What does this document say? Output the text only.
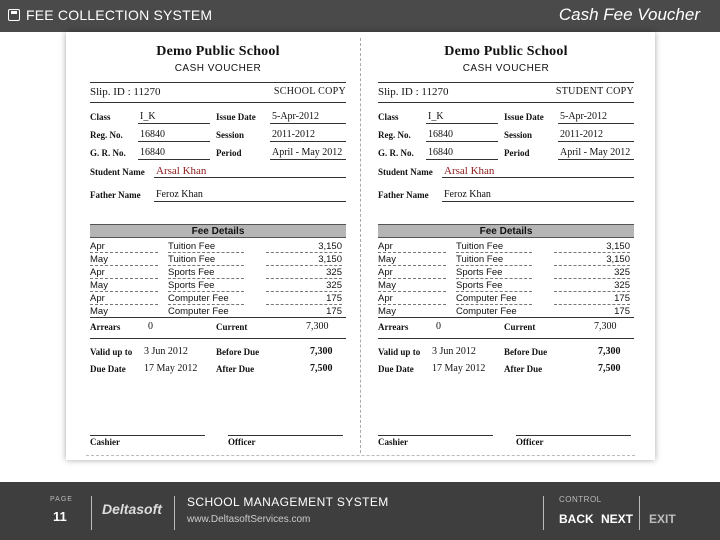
FEE COLLECTION SYSTEM	Cash Fee Voucher
Demo Public School
CASH VOUCHER
Slip. ID : 11270	SCHOOL COPY
Class	I_K	Issue Date 5-Apr-2012
Reg. No. 16840	Session	2011-2012
G. R. No. 16840	Period	April - May 2012
Student Name Arsal Khan
Father Name Feroz Khan
Fee Details
Apr	Tuition Fee	3,150
May	Tuition Fee	3,150
Apr	Sports Fee	325
May	Sports Fee	325
Apr	Computer Fee	175
May	Computer Fee	175
Arrears	0	Current	7,300
Valid up to 3 Jun 2012	Before Due	7,300
Due Date 17 May 2012 After Due	7,500
Cashier	Officer
Demo Public School
CASH VOUCHER
Slip. ID : 11270	STUDENT COPY
Class	I_K	Issue Date 5-Apr-2012
Reg. No. 16840	Session	2011-2012
G. R. No. 16840	Period	April - May 2012
Student Name Arsal Khan
Father Name Feroz Khan
Fee Details
Apr	Tuition Fee	3,150
May	Tuition Fee	3,150
Apr	Sports Fee	325
May	Sports Fee	325
Apr	Computer Fee	175
May	Computer Fee	175
Arrears	0	Current	7,300
Valid up to 3 Jun 2012	Before Due	7,300
Due Date 17 May 2012 After Due	7,500
Cashier	Officer
PAGE
11	Deltasoft SCHOOL MANAGEMENT SYSTEM
www.DeltasoftServices.com
CONTROL
BACK NEXT EXIT
